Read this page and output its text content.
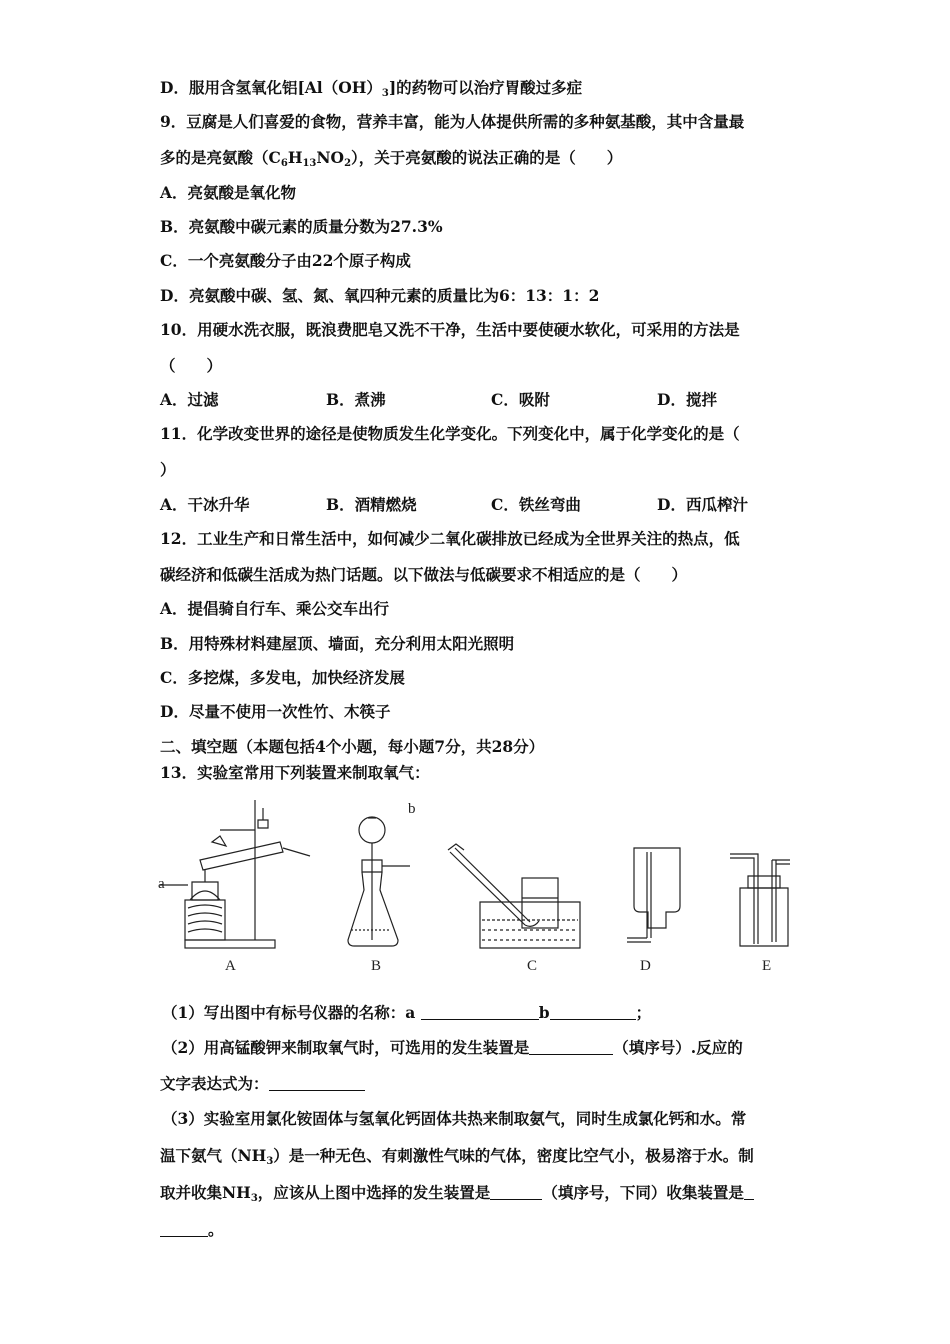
D．服用含氢氧化铝$[Al(OH)_3]$的药物可以治疗胃酸过多症
9．豆腐是人们喜爱的食物，营养丰富，能为人体提供所需的多种氨基酸，其中含量最
多的是亮氨酸$(C_6H_{13}NO_2)$，关于亮氨酸的说法正确的是（　　）
A．亮氨酸是氧化物
B．亮氨酸中碳元素的质量分数为27.3%
C．一个亮氨酸分子由22个原子构成
D．亮氨酸中碳、氢、氮、氧四种元素的质量比为6：13：1：2
10．用硬水洗衣服，既浪费肥皂又洗不干净，生活中要使硬水软化，可采用的方法是
（　　）
A．过滤	B．煮沸	C．吸附	D．搅拌
11．化学改变世界的途径是使物质发生化学变化。下列变化中，属于化学变化的是（
）
A．干冰升华	B．酒精燃烧	C．铁丝弯曲	D．西瓜榨汁
12．工业生产和日常生活中，如何减少二氧化碳排放已经成为全世界关注的热点，低
碳经济和低碳生活成为热门话题。以下做法与低碳要求不相适应的是（　　）
A．提倡骑自行车、乘公交车出行
B．用特殊材料建屋顶、墙面，充分利用太阳光照明
C．多挖煤，多发电，加快经济发展
D．尽量不使用一次性竹、木筷子
二、填空题（本题包括4个小题，每小题7分，共28分）
13．实验室常用下列装置来制取氧气：
b
a
A	B	C	D	E
（1）写出图中有标号仪器的名称：a	b	；
（2）用高锰酸钾来制取氧气时，可选用的发生装置是	（填序号）.反应的
文字表达式为：
（3）实验室用氯化铵固体与氢氧化钙固体共热来制取氨气，同时生成氯化钙和水。常
温下氨气$(NH_3)$是一种无色、有刺激性气味的气体，密度比空气小，极易溶于水。制
取并收集$NH_3$，应该从上图中选择的发生装置是	（填序号，下同）收集装置是
。
